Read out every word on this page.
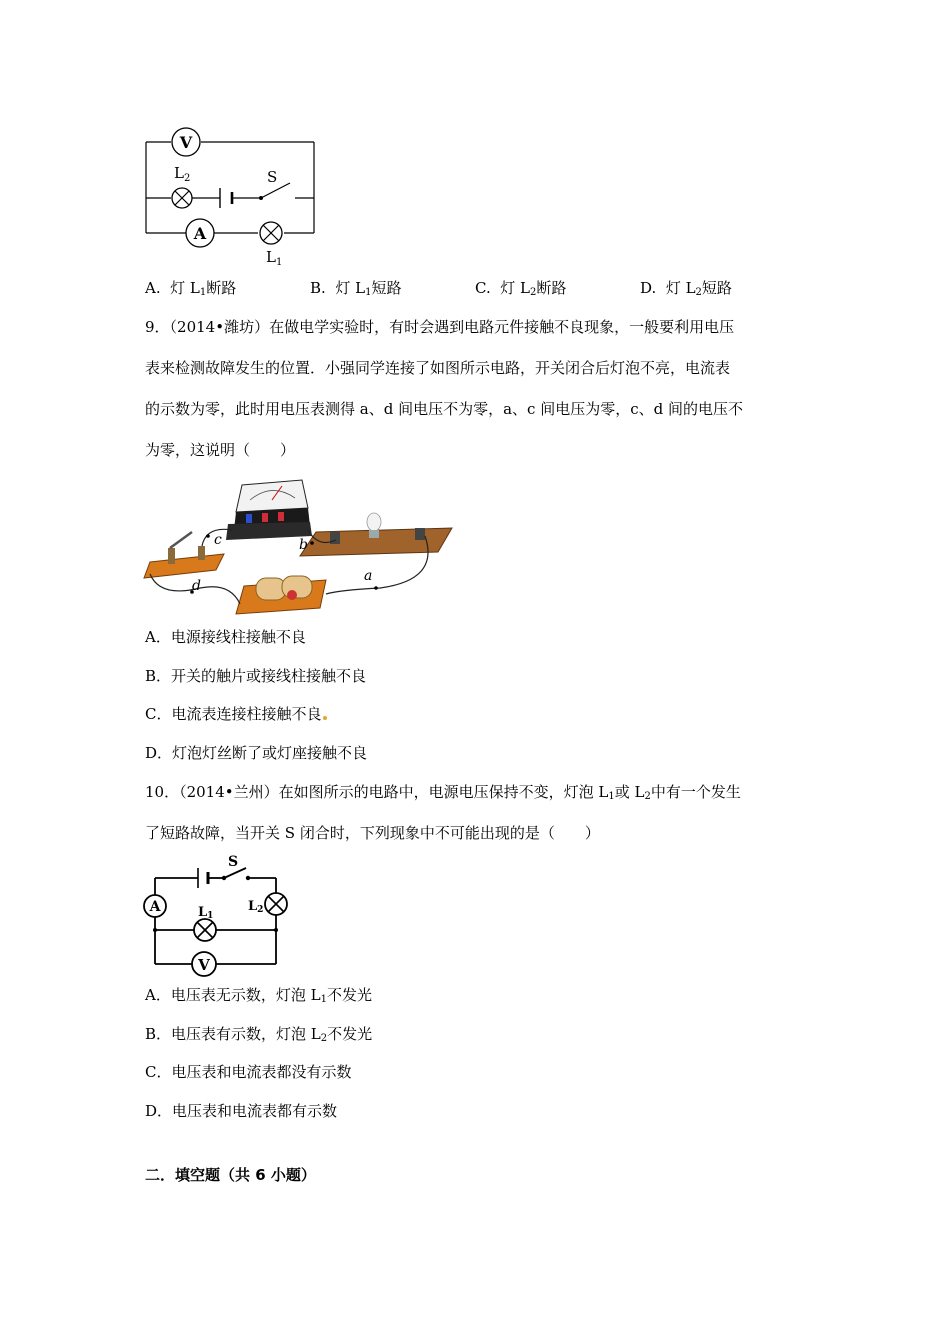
V
A
$L_2$
$L_1$
S
A. 灯 $L_1$断路	B. 灯 $L_1$短路	C. 灯 $L_2$断路	D. 灯 $L_2$短路
9．（2014•潍坊）在做电学实验时，有时会遇到电路元件接触不良现象，一般要利用电压
表来检测故障发生的位置．小强同学连接了如图所示电路，开关闭合后灯泡不亮，电流表
的示数为零，此时用电压表测得 a、d 间电压不为零，a、c 间电压为零，c、d 间的电压不
为零，这说明（　　）
c	b
a
d
A．电源接线柱接触不良
B．开关的触片或接线柱接触不良
C．电流表连接柱接触不良
D．灯泡灯丝断了或灯座接触不良
10．（2014•兰州）在如图所示的电路中，电源电压保持不变，灯泡 $L_1$或 $L_2$中有一个发生
了短路故障，当开关 S 闭合时，下列现象中不可能出现的是（　　）
S
A
V
L1
L2
A．电压表无示数，灯泡 $L_1$不发光
B．电压表有示数，灯泡 $L_2$不发光
C．电压表和电流表都没有示数
D．电压表和电流表都有示数
二．填空题（共 6 小题）
